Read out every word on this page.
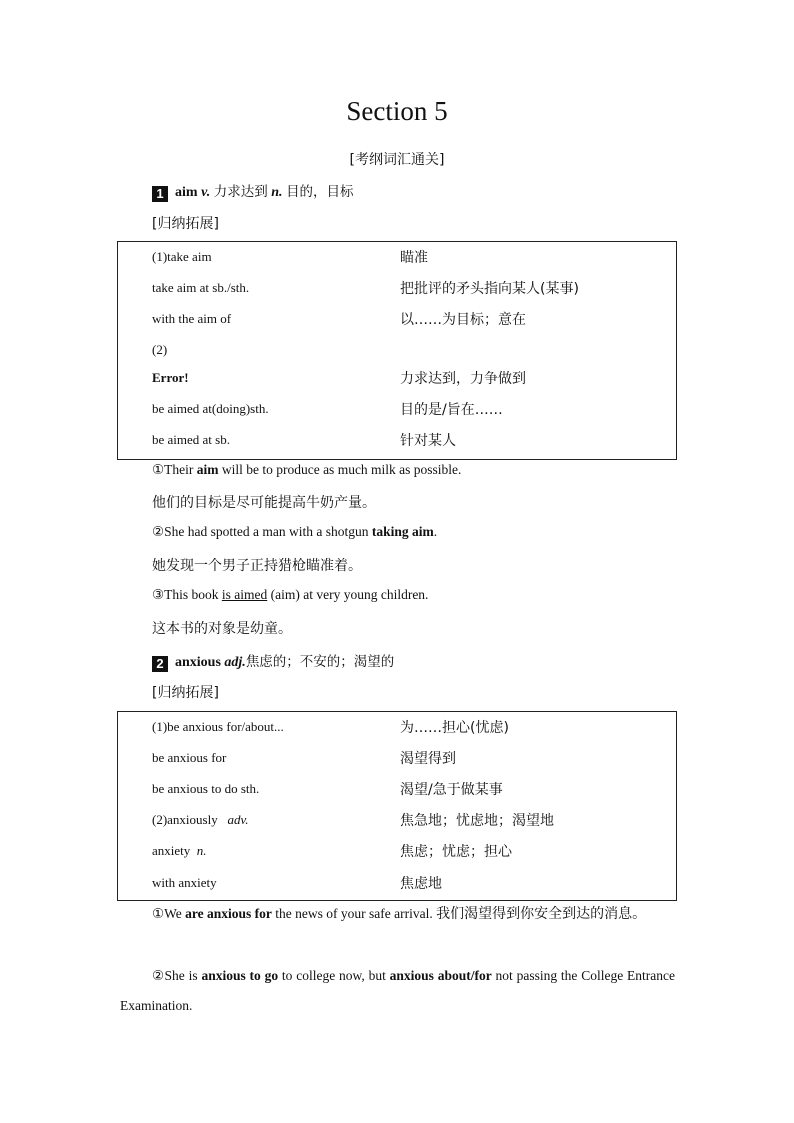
Section 5
[考纲词汇通关]
1 aim v. 力求达到 n. 目的，目标
[归纳拓展]
(1)take aim	瞄准
take aim at sb./sth.	把批评的矛头指向某人(某事)
with the aim of	以……为目标；意在
(2)
Error!	力求达到，力争做到
be aimed at(doing)sth.	目的是/旨在……
be aimed at sb.	针对某人
①Their aim will be to produce as much milk as possible.
他们的目标是尽可能提高牛奶产量。
②She had spotted a man with a shotgun taking aim.
她发现一个男子正持猎枪瞄准着。
③This book is aimed (aim) at very young children.
这本书的对象是幼童。
2 anxious adj.焦虑的；不安的；渴望的
[归纳拓展]
(1)be anxious for/about...	为……担心(忧虑)
be anxious for	渴望得到
be anxious to do sth.	渴望/急于做某事
(2)anxiously adv.	焦急地；忧虑地；渴望地
anxiety n.	焦虑；忧虑；担心
with anxiety	焦虑地
①We are anxious for the news of your safe arrival. 我们渴望得到你安全到达的消息。
②She is anxious to go to college now, but anxious about/for not passing the College Entrance Examination.
